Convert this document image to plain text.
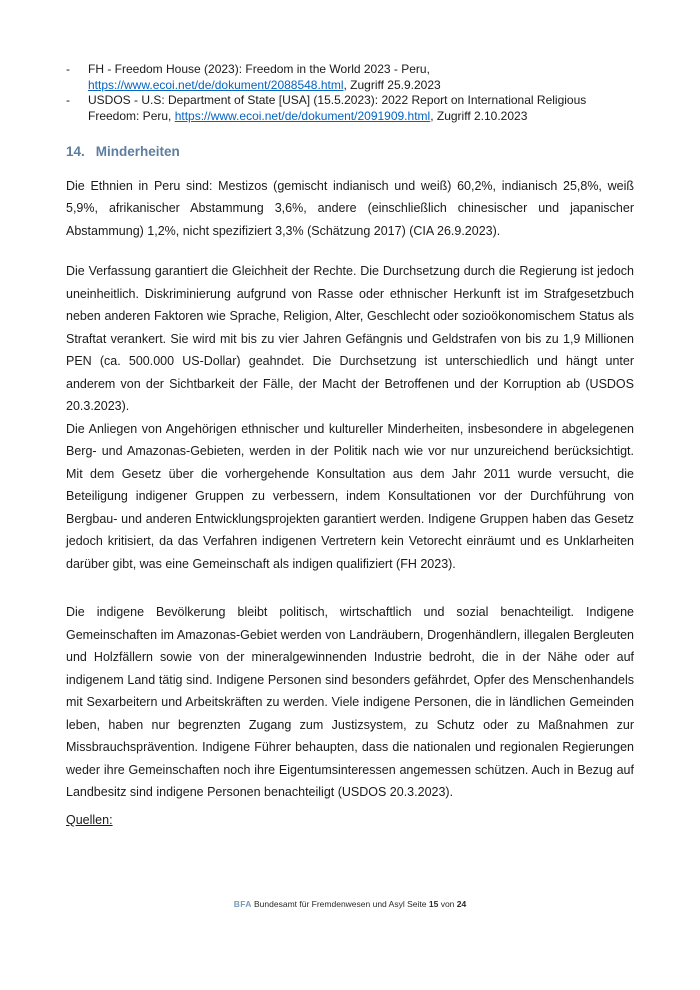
-	FH - Freedom House (2023): Freedom in the World 2023 - Peru, https://www.ecoi.net/de/dokument/2088548.html, Zugriff 25.9.2023
-	USDOS - U.S: Department of State [USA] (15.5.2023): 2022 Report on International Religious Freedom: Peru, https://www.ecoi.net/de/dokument/2091909.html, Zugriff 2.10.2023
14. Minderheiten

Die Ethnien in Peru sind: Mestizos (gemischt indianisch und weiß) 60,2%, indianisch 25,8%, weiß 5,9%, afrikanischer Abstammung 3,6%, andere (einschließlich chinesischer und japanischer Abstammung) 1,2%, nicht spezifiziert 3,3% (Schätzung 2017) (CIA 26.9.2023).

Die Verfassung garantiert die Gleichheit der Rechte. Die Durchsetzung durch die Regierung ist jedoch uneinheitlich. Diskriminierung aufgrund von Rasse oder ethnischer Herkunft ist im Strafgesetzbuch neben anderen Faktoren wie Sprache, Religion, Alter, Geschlecht oder sozioökonomischem Status als Straftat verankert. Sie wird mit bis zu vier Jahren Gefängnis und Geldstrafen von bis zu 1,9 Millionen PEN (ca. 500.000 US-Dollar) geahndet. Die Durchsetzung ist unterschiedlich und hängt unter anderem von der Sichtbarkeit der Fälle, der Macht der Betroffenen und der Korruption ab (USDOS 20.3.2023).

Die Anliegen von Angehörigen ethnischer und kultureller Minderheiten, insbesondere in abgelegenen Berg- und Amazonas-Gebieten, werden in der Politik nach wie vor nur unzureichend berücksichtigt. Mit dem Gesetz über die vorhergehende Konsultation aus dem Jahr 2011 wurde versucht, die Beteiligung indigener Gruppen zu verbessern, indem Konsultationen vor der Durchführung von Bergbau- und anderen Entwicklungsprojekten garantiert werden. Indigene Gruppen haben das Gesetz jedoch kritisiert, da das Verfahren indigenen Vertretern kein Vetorecht einräumt und es Unklarheiten darüber gibt, was eine Gemeinschaft als indigen qualifiziert (FH 2023).

Die indigene Bevölkerung bleibt politisch, wirtschaftlich und sozial benachteiligt. Indigene Gemeinschaften im Amazonas-Gebiet werden von Landräubern, Drogenhändlern, illegalen Bergleuten und Holzfällern sowie von der mineralgewinnenden Industrie bedroht, die in der Nähe oder auf indigenem Land tätig sind. Indigene Personen sind besonders gefährdet, Opfer des Menschenhandels mit Sexarbeitern und Arbeitskräften zu werden. Viele indigene Personen, die in ländlichen Gemeinden leben, haben nur begrenzten Zugang zum Justizsystem, zu Schutz oder zu Maßnahmen zur Missbrauchsprävention. Indigene Führer behaupten, dass die nationalen und regionalen Regierungen weder ihre Gemeinschaften noch ihre Eigentumsinteressen angemessen schützen. Auch in Bezug auf Landbesitz sind indigene Personen benachteiligt (USDOS 20.3.2023).

Quellen:

BFA Bundesamt für Fremdenwesen und Asyl Seite 15 von 24
